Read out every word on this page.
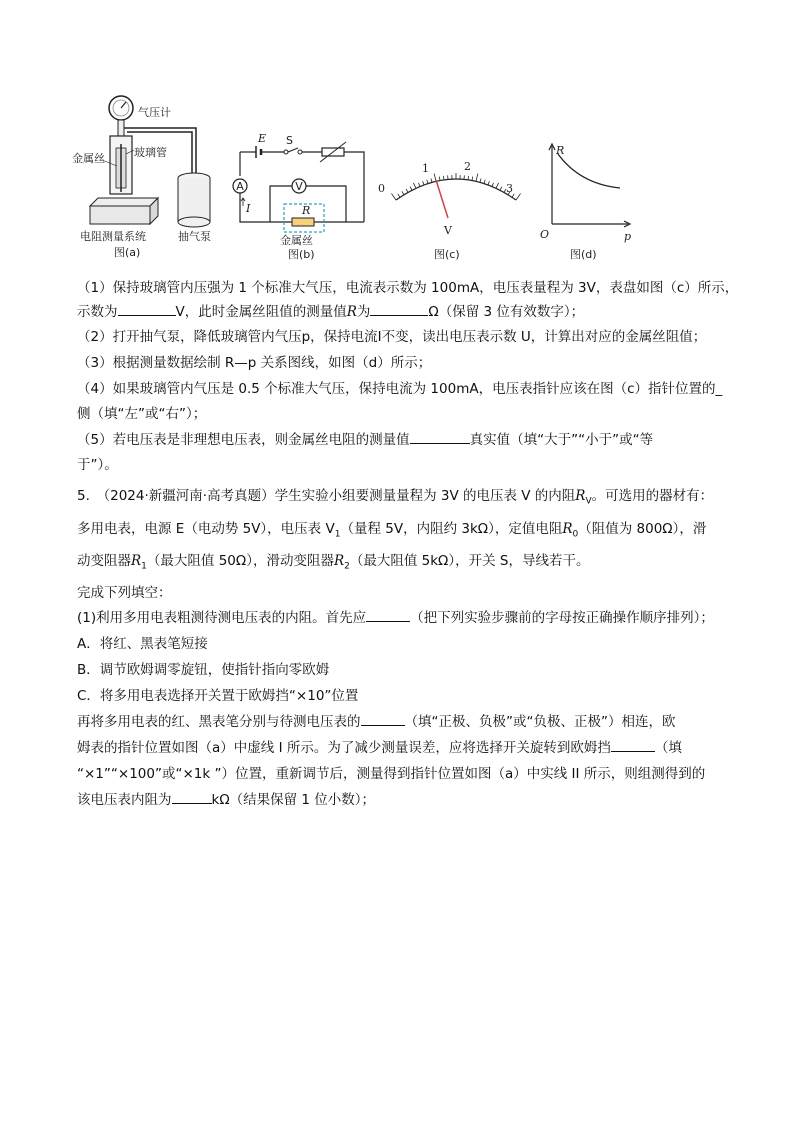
气压计
玻璃管
金属丝
电阻测量系统	抽气泵
图(a)
E S
A
I
V
R
金属丝
图(b)
0
1	2
3
V
图(c)
R
p
O
图(d)
（1）保持玻璃管内压强为 1 个标准大气压，电流表示数为 100mA，电压表量程为 3V，表盘如图（c）所示，
示数为	V，此时金属丝阻值的测量值R为	Ω（保留 3 位有效数字）；
（2）打开抽气泵，降低玻璃管内气压p，保持电流I不变，读出电压表示数 U，计算出对应的金属丝阻值；
（3）根据测量数据绘制 R—p 关系图线，如图（d）所示；
（4）如果玻璃管内气压是 0.5 个标准大气压，保持电流为 100mA，电压表指针应该在图（c）指针位置的_
侧（填“左”或“右”）；
（5）若电压表是非理想电压表，则金属丝电阻的测量值	真实值（填“大于”“小于”或“等
于”）。
5.　（2024·新疆河南·高考真题）学生实验小组要测量量程为 3V 的电压表 V 的内阻$R_V$。可选用的器材有：
多用电表，电源 E（电动势 5V），电压表 $V_1$（量程 5V，内阻约 3kΩ），定值电阻$R_0$（阻值为 800Ω），滑
动变阻器$R_1$（最大阻值 50Ω），滑动变阻器$R_2$（最大阻值 5kΩ），开关 S，导线若干。
完成下列填空：
(1)利用多用电表粗测待测电压表的内阻。首先应	（把下列实验步骤前的字母按正确操作顺序排列）；
A．将红、黑表笔短接
B．调节欧姆调零旋钮，使指针指向零欧姆
C．将多用电表选择开关置于欧姆挡“×10”位置
再将多用电表的红、黑表笔分别与待测电压表的	（填“正极、负极”或“负极、正极”）相连，欧
姆表的指针位置如图（a）中虚线 I 所示。为了减少测量误差，应将选择开关旋转到欧姆挡	（填
“×1”“×100”或“×1k ”）位置，重新调节后，测量得到指针位置如图（a）中实线 II 所示，则组测得到的
该电压表内阻为	kΩ（结果保留 1 位小数）；
